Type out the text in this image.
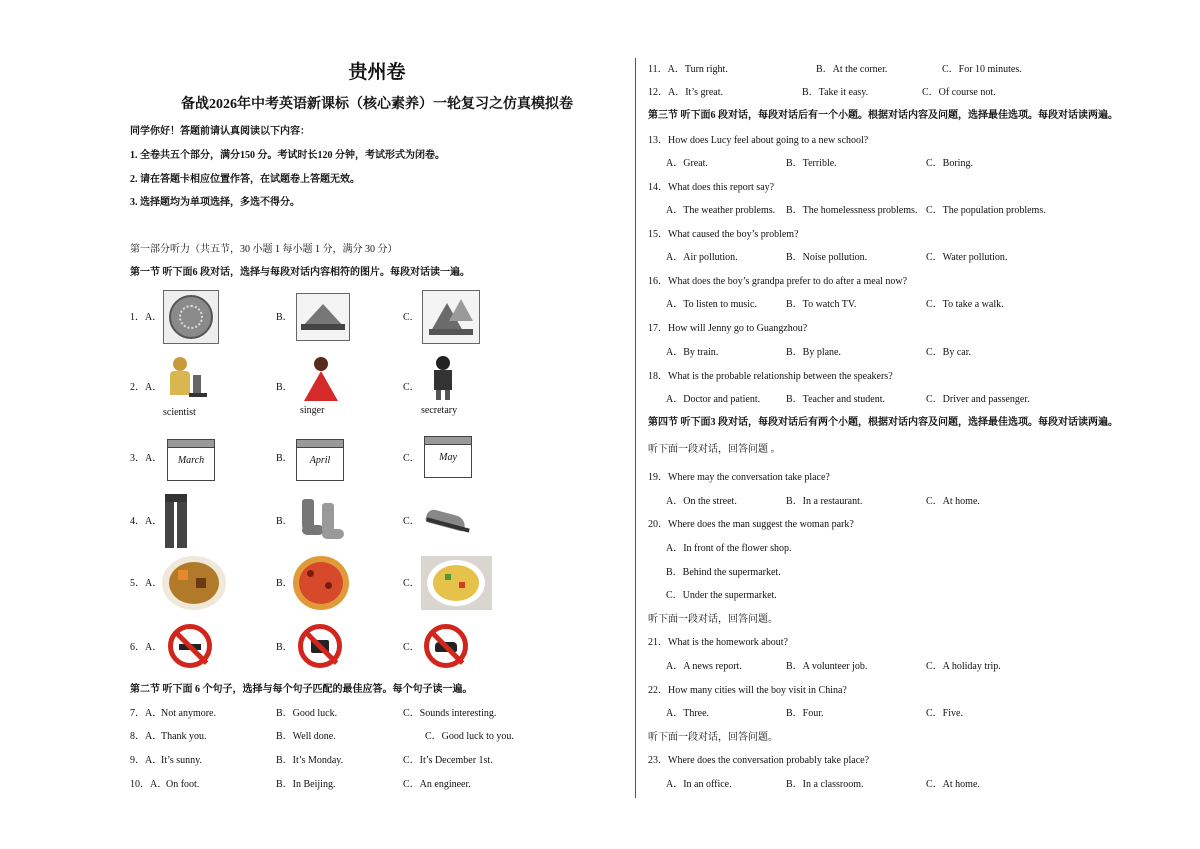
贵州卷
备战2026年中考英语新课标（核心素养）一轮复习之仿真模拟卷
同学你好！答题前请认真阅读以下内容：
1. 全卷共五个部分，满分150 分。考试时长120 分钟，考试形式为闭卷。
2. 请在答题卡相应位置作答，在试题卷上答题无效。
3. 选择题均为单项选择，多选不得分。
第一部分听力（共五节，30 小题 1 每小题 1 分，满分 30 分）
第一节 听下面6 段对话，选择与每段对话内容相符的图片。每段对话读一遍。
1．A．	B．	C．
2．A．
scientist
B．
singer
C．
secretary
3．A．	March	B．	April	C．	May
4．A．	B．	C．
5．A．	B．	C．
6．A．	B．	C．
第二节 听下面 6 个句子，选择与每个句子匹配的最佳应答。每个句子读一遍。
7．A．
Not anymore.	B．Good luck.	C．Sounds interesting.
8．A．
Thank you.	B．Well done.	C．Good luck to you.
9．A．
It’s sunny.	B．It’s Monday.	C．It’s December 1st.
10．A．
On foot.	B．In Beijing.	C．An engineer.
11．A．Turn right.	B．At the corner.	C．For 10 minutes.
12．A．It’s great.	B．Take it easy.	C．Of course not.
第三节 听下面6 段对话，每段对话后有一个小题。根据对话内容及问题，选择最佳选项。每段对话读两遍。
13．How does Lucy feel about going to a new school?
A．Great.	B．Terrible.	C．Boring.
14．What does this report say?
A．The weather problems. B．The homelessness problems. C．The population problems.
15．What caused the boy’s problem?
A．Air pollution.	B．Noise pollution.	C．Water pollution.
16．What does the boy’s grandpa prefer to do after a meal now?
A．To listen to music.	B．To watch TV.	C．To take a walk.
17．How will Jenny go to Guangzhou?
A．By train.	B．By plane.	C．By car.
18．What is the probable relationship between the speakers?
A．Doctor and patient.	B．Teacher and student.	C．Driver and passenger.
第四节 听下面3 段对话，每段对话后有两个小题，根据对话内容及问题，选择最佳选项。每段对话读两遍。
听下面一段对话，回答问题 。
19．Where may the conversation take place?
A．On the street.	B．In a restaurant.	C．At home.
20．Where does the man suggest the woman park?
A．In front of the flower shop.
B．Behind the supermarket.
C．Under the supermarket.
听下面一段对话，回答问题。
21．What is the homework about?
A．A news report.	B．A volunteer job.	C．A holiday trip.
22．How many cities will the boy visit in China?
A．Three.	B．Four.	C．Five.
听下面一段对话，回答问题。
23．Where does the conversation probably take place?
A．In an office.	B．In a classroom.	C．At home.
